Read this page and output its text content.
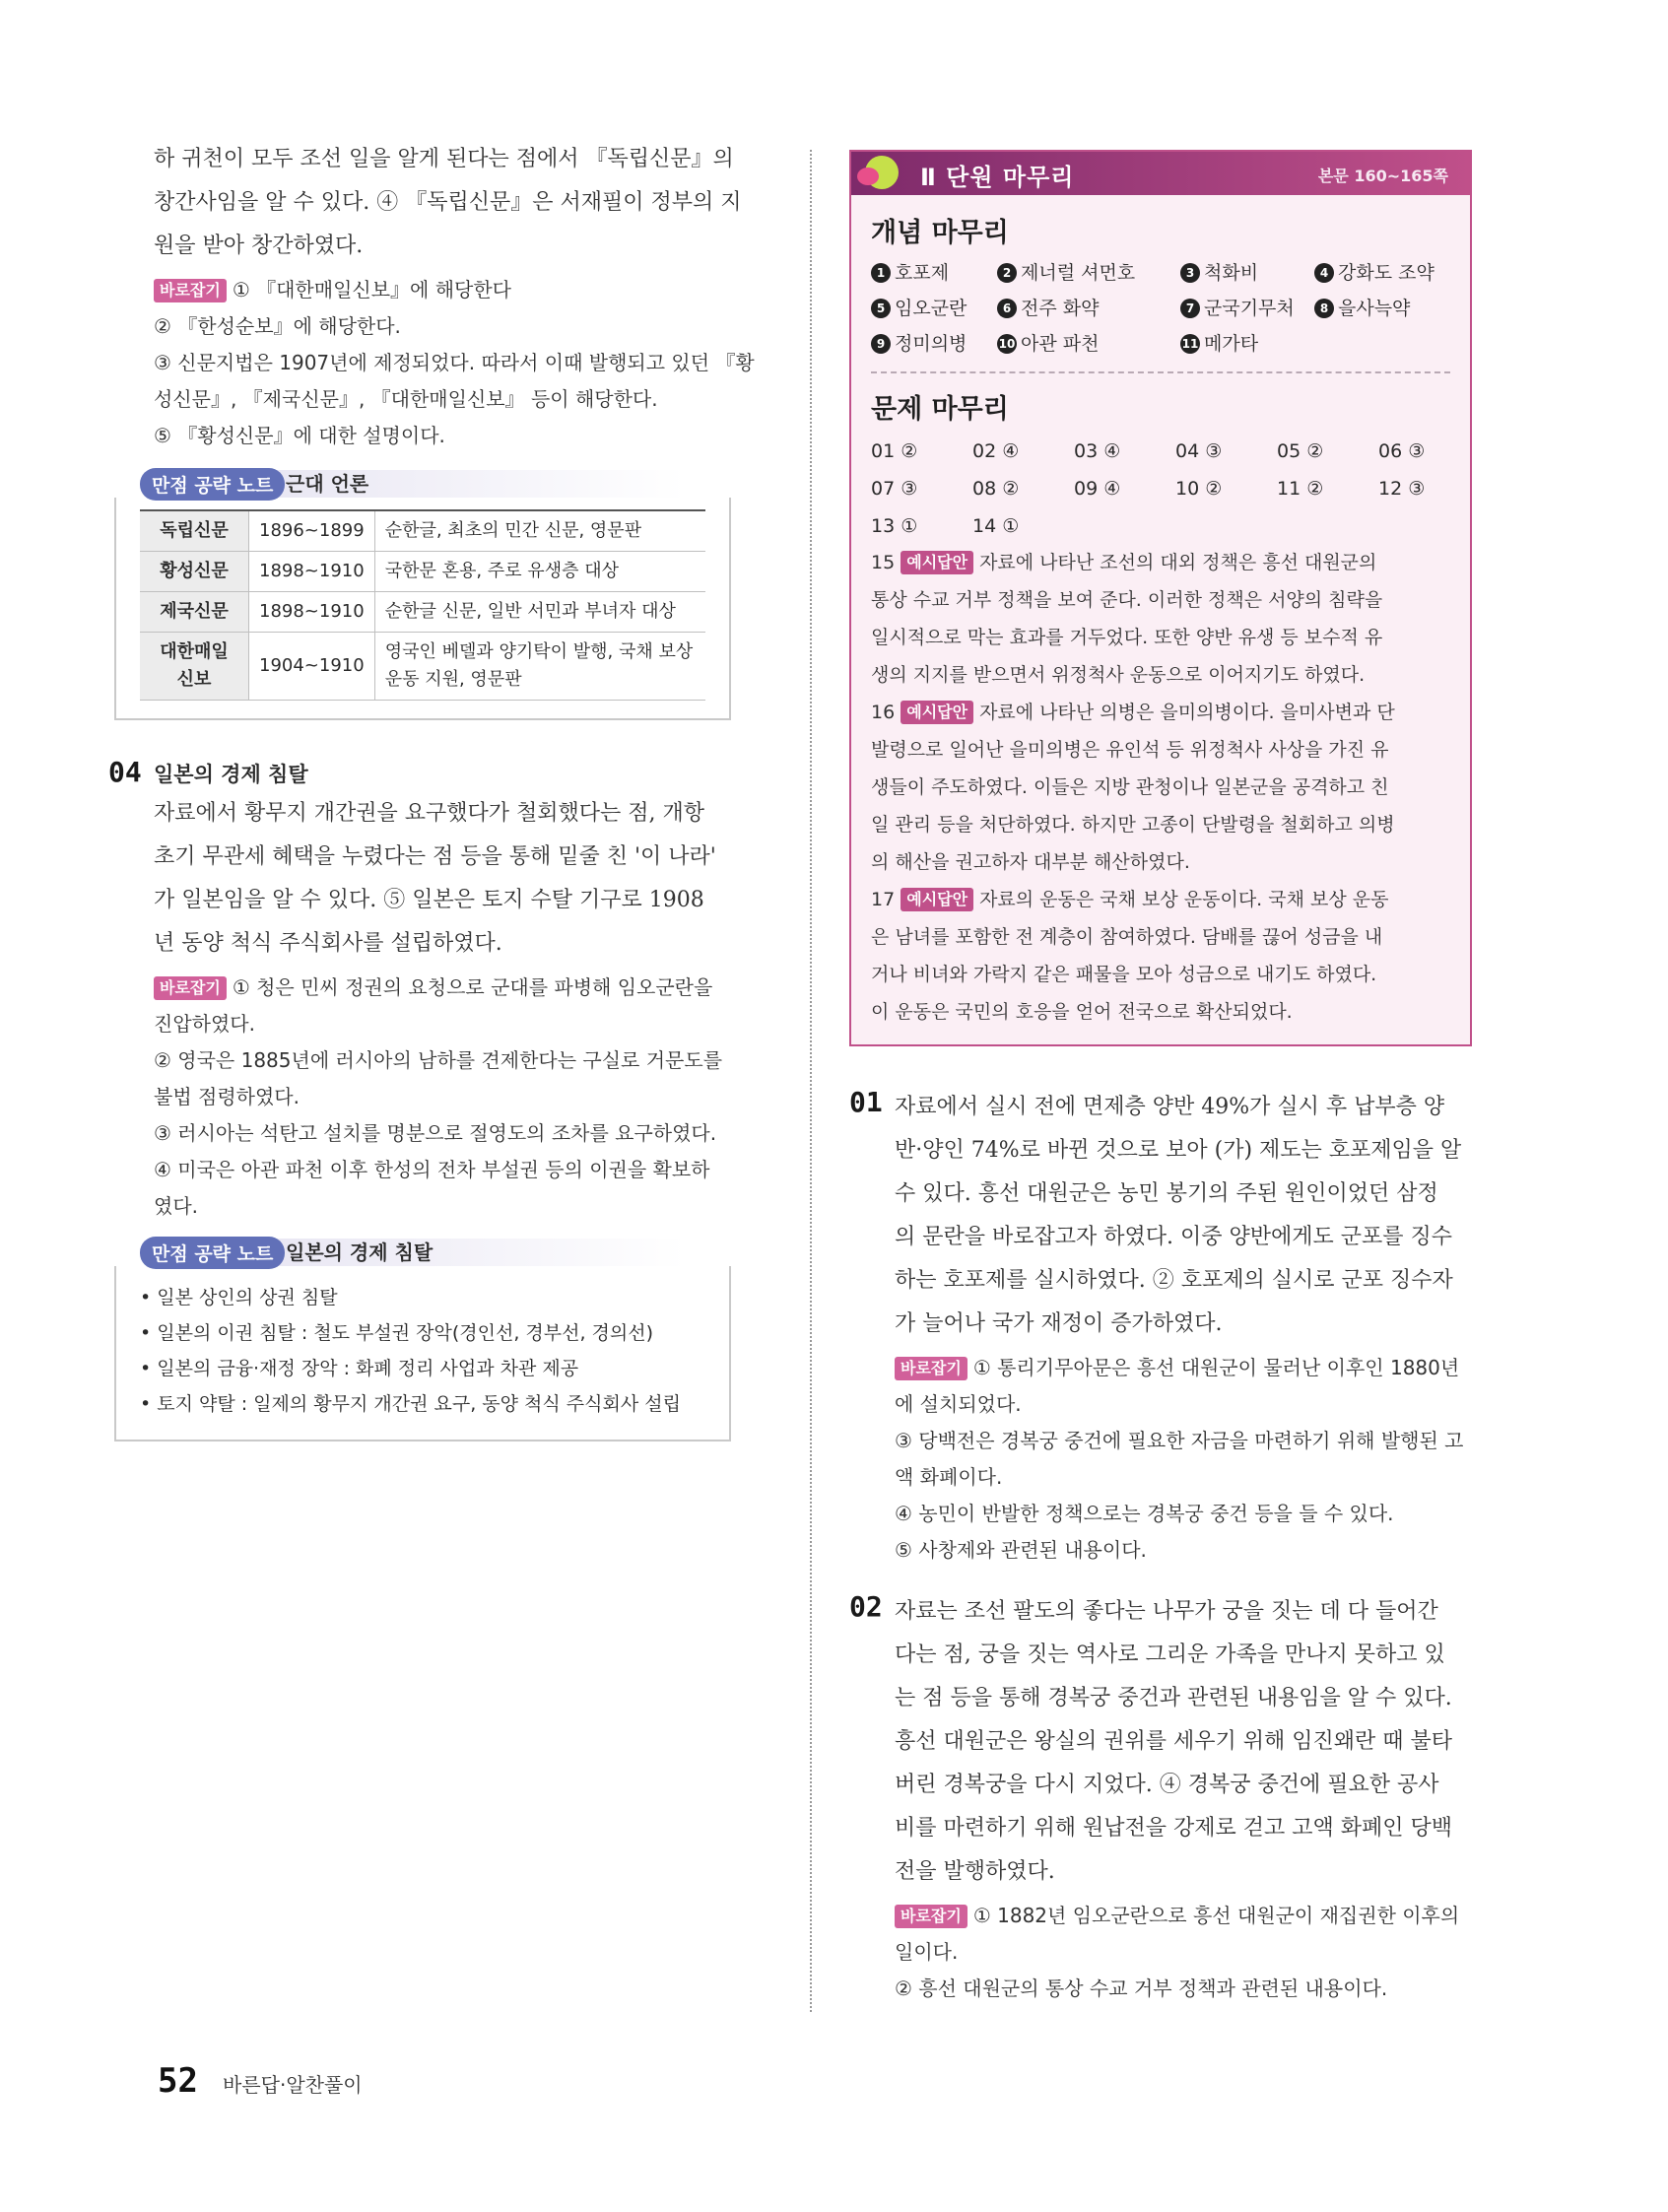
하 귀천이 모두 조선 일을 알게 된다는 점에서 『독립신문』의
창간사임을 알 수 있다. ④ 『독립신문』은 서재필이 정부의 지
원을 받아 창간하였다.
바로잡기 ① 『대한매일신보』에 해당한다
② 『한성순보』에 해당한다.
③ 신문지법은 1907년에 제정되었다. 따라서 이때 발행되고 있던 『황
성신문』, 『제국신문』, 『대한매일신보』 등이 해당한다.
⑤ 『황성신문』에 대한 설명이다.
만점 공략 노트 근대 언론
독립신문	1896~1899	순한글, 최초의 민간 신문, 영문판
황성신문	1898~1910	국한문 혼용, 주로 유생층 대상
제국신문	1898~1910	순한글 신문, 일반 서민과 부녀자 대상
대한매일 신보	1904~1910	영국인 베델과 양기탁이 발행, 국채 보상 운동 지원, 영문판
04 일본의 경제 침탈
자료에서 황무지 개간권을 요구했다가 철회했다는 점, 개항
초기 무관세 혜택을 누렸다는 점 등을 통해 밑줄 친 '이 나라'
가 일본임을 알 수 있다. ⑤ 일본은 토지 수탈 기구로 1908
년 동양 척식 주식회사를 설립하였다.
바로잡기 ① 청은 민씨 정권의 요청으로 군대를 파병해 임오군란을
진압하였다.
② 영국은 1885년에 러시아의 남하를 견제한다는 구실로 거문도를
불법 점령하였다.
③ 러시아는 석탄고 설치를 명분으로 절영도의 조차를 요구하였다.
④ 미국은 아관 파천 이후 한성의 전차 부설권 등의 이권을 확보하
였다.
만점 공략 노트 일본의 경제 침탈
• 일본 상인의 상권 침탈
• 일본의 이권 침탈 : 철도 부설권 장악(경인선, 경부선, 경의선)
• 일본의 금융·재정 장악 : 화폐 정리 사업과 차관 제공
• 토지 약탈 : 일제의 황무지 개간권 요구, 동양 척식 주식회사 설립
Ⅱ 단원 마무리	본문 160~165쪽
개념 마무리
1 호포제	2 제너럴 셔먼호	3 척화비	4 강화도 조약
5 임오군란	6 전주 화약	7 군국기무처	8 을사늑약
9 정미의병	10 아관 파천	11 메가타
문제 마무리
01 ②	02 ④	03 ④	04 ③	05 ②	06 ③
07 ③	08 ②	09 ④	10 ②	11 ②	12 ③
13 ①	14 ①
15 예시답안 자료에 나타난 조선의 대외 정책은 흥선 대원군의
통상 수교 거부 정책을 보여 준다. 이러한 정책은 서양의 침략을
일시적으로 막는 효과를 거두었다. 또한 양반 유생 등 보수적 유
생의 지지를 받으면서 위정척사 운동으로 이어지기도 하였다.
16 예시답안 자료에 나타난 의병은 을미의병이다. 을미사변과 단
발령으로 일어난 을미의병은 유인석 등 위정척사 사상을 가진 유
생들이 주도하였다. 이들은 지방 관청이나 일본군을 공격하고 친
일 관리 등을 처단하였다. 하지만 고종이 단발령을 철회하고 의병
의 해산을 권고하자 대부분 해산하였다.
17 예시답안 자료의 운동은 국채 보상 운동이다. 국채 보상 운동
은 남녀를 포함한 전 계층이 참여하였다. 담배를 끊어 성금을 내
거나 비녀와 가락지 같은 패물을 모아 성금으로 내기도 하였다.
이 운동은 국민의 호응을 얻어 전국으로 확산되었다.
01 자료에서 실시 전에 면제층 양반 49%가 실시 후 납부층 양
반·양인 74%로 바뀐 것으로 보아 (가) 제도는 호포제임을 알
수 있다. 흥선 대원군은 농민 봉기의 주된 원인이었던 삼정
의 문란을 바로잡고자 하였다. 이중 양반에게도 군포를 징수
하는 호포제를 실시하였다. ② 호포제의 실시로 군포 징수자
가 늘어나 국가 재정이 증가하였다.
바로잡기 ① 통리기무아문은 흥선 대원군이 물러난 이후인 1880년
에 설치되었다.
③ 당백전은 경복궁 중건에 필요한 자금을 마련하기 위해 발행된 고
액 화폐이다.
④ 농민이 반발한 정책으로는 경복궁 중건 등을 들 수 있다.
⑤ 사창제와 관련된 내용이다.
02 자료는 조선 팔도의 좋다는 나무가 궁을 짓는 데 다 들어간
다는 점, 궁을 짓는 역사로 그리운 가족을 만나지 못하고 있
는 점 등을 통해 경복궁 중건과 관련된 내용임을 알 수 있다.
흥선 대원군은 왕실의 권위를 세우기 위해 임진왜란 때 불타
버린 경복궁을 다시 지었다. ④ 경복궁 중건에 필요한 공사
비를 마련하기 위해 원납전을 강제로 걷고 고액 화폐인 당백
전을 발행하였다.
바로잡기 ① 1882년 임오군란으로 흥선 대원군이 재집권한 이후의
일이다.
② 흥선 대원군의 통상 수교 거부 정책과 관련된 내용이다.
52 바른답·알찬풀이
